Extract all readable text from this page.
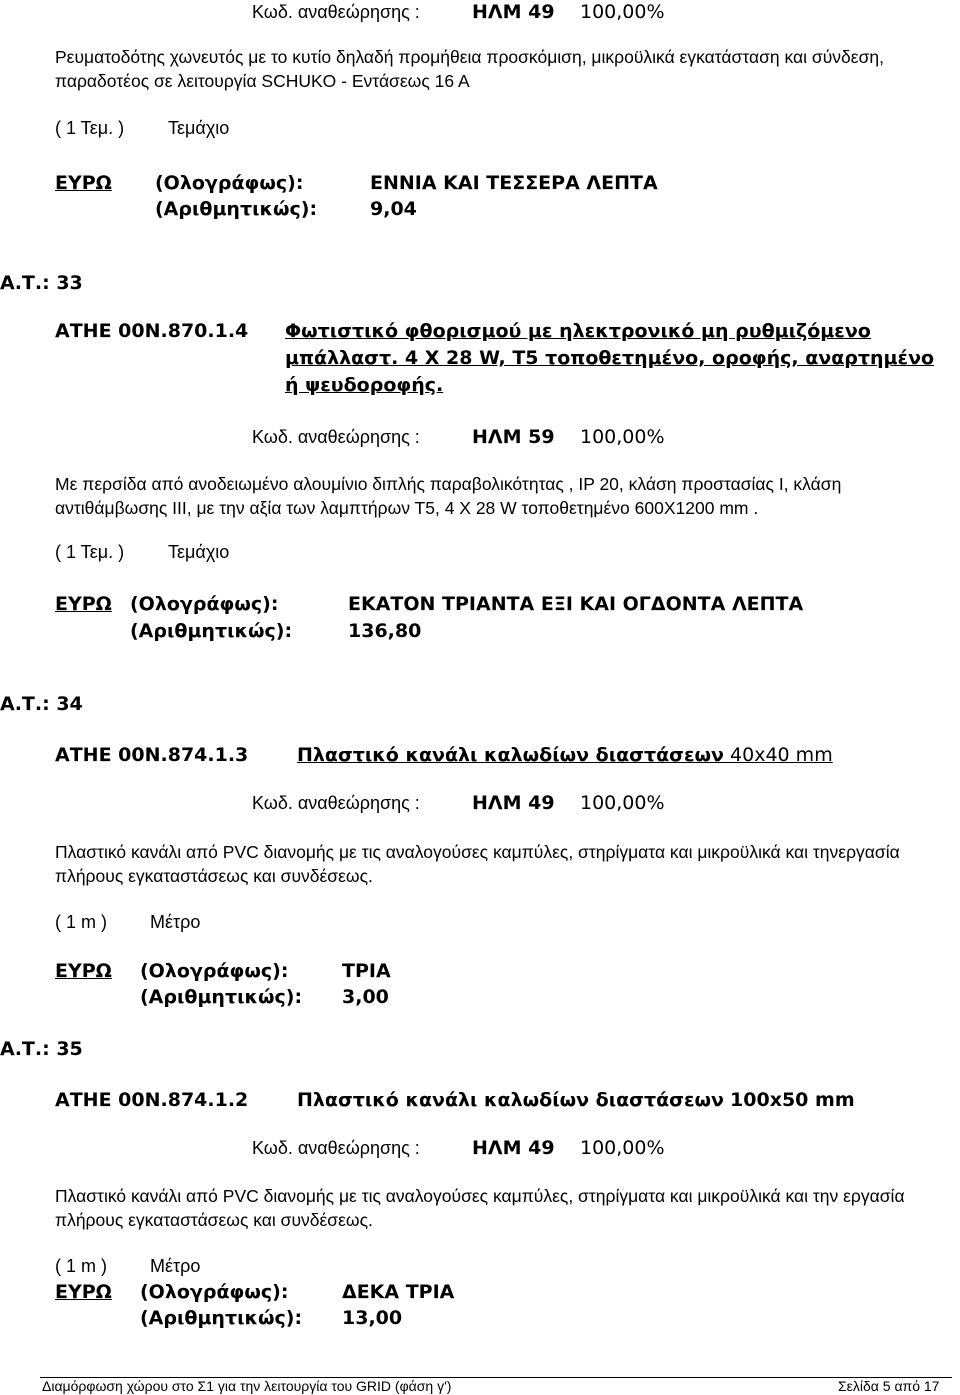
Κωδ. αναθεώρησης :	ΗΛΜ 49 100,00%
Ρευματοδότης χωνευτός με το κυτίο δηλαδή προμήθεια προσκόμιση, μικροϋλικά εγκατάσταση και σύνδεση, παραδοτέος σε λειτουργία SCHUKO - Εντάσεως 16 Α
( 1 Τεμ. ) Τεμάχιο
ΕΥΡΩ (Ολογράφως):	ΕΝΝΙΑ ΚΑΙ ΤΕΣΣΕΡΑ ΛΕΠΤΑ
(Αριθμητικώς):	9,04
Α.Τ.: 33
ΑΤΗΕ 00Ν.870.1.4 Φωτιστικό φθορισμού με ηλεκτρονικό μη ρυθμιζόμενο
μπάλλαστ. 4 Χ 28 W, Τ5 τοποθετημένο, οροφής, αναρτημένο
ή ψευδοροφής.
Κωδ. αναθεώρησης :	ΗΛΜ 59 100,00%
Με περσίδα από ανοδειωμένο αλουμίνιο διπλής παραβολικότητας , ΙΡ 20, κλάση προστασίας Ι, κλάση αντιθάμβωσης ΙΙΙ, με την αξία των λαμπτήρων Τ5, 4 Χ 28 W τοποθετημένο 600Χ1200 mm .
( 1 Τεμ. ) Τεμάχιο
ΕΥΡΩ (Ολογράφως):	ΕΚΑΤΟΝ ΤΡΙΑΝΤΑ ΕΞΙ ΚΑΙ ΟΓΔΟΝΤΑ ΛΕΠΤΑ
(Αριθμητικώς):	136,80
Α.Τ.: 34
ΑΤΗΕ 00Ν.874.1.3	Πλαστικό κανάλι καλωδίων διαστάσεων 40x40 mm
Κωδ. αναθεώρησης :	ΗΛΜ 49 100,00%
Πλαστικό κανάλι από PVC διανομής με τις αναλογούσες καμπύλες, στηρίγματα και μικροϋλικά και τηνεργασία πλήρους εγκαταστάσεως και συνδέσεως.
( 1 m ) Μέτρο
ΕΥΡΩ (Ολογράφως):	ΤΡΙΑ
(Αριθμητικώς): 3,00
Α.Τ.: 35
ΑΤΗΕ 00Ν.874.1.2	Πλαστικό κανάλι καλωδίων διαστάσεων 100x50 mm
Κωδ. αναθεώρησης :	ΗΛΜ 49 100,00%
Πλαστικό κανάλι από PVC διανομής με τις αναλογούσες καμπύλες, στηρίγματα και μικροϋλικά και την εργασία πλήρους εγκαταστάσεως και συνδέσεως.
( 1 m ) Μέτρο
ΕΥΡΩ (Ολογράφως):	ΔΕΚΑ ΤΡΙΑ
(Αριθμητικώς): 13,00
Διαμόρφωση χώρου στο Σ1 για την λειτουργία του GRID (φάση γ')	Σελίδα 5 από 17
